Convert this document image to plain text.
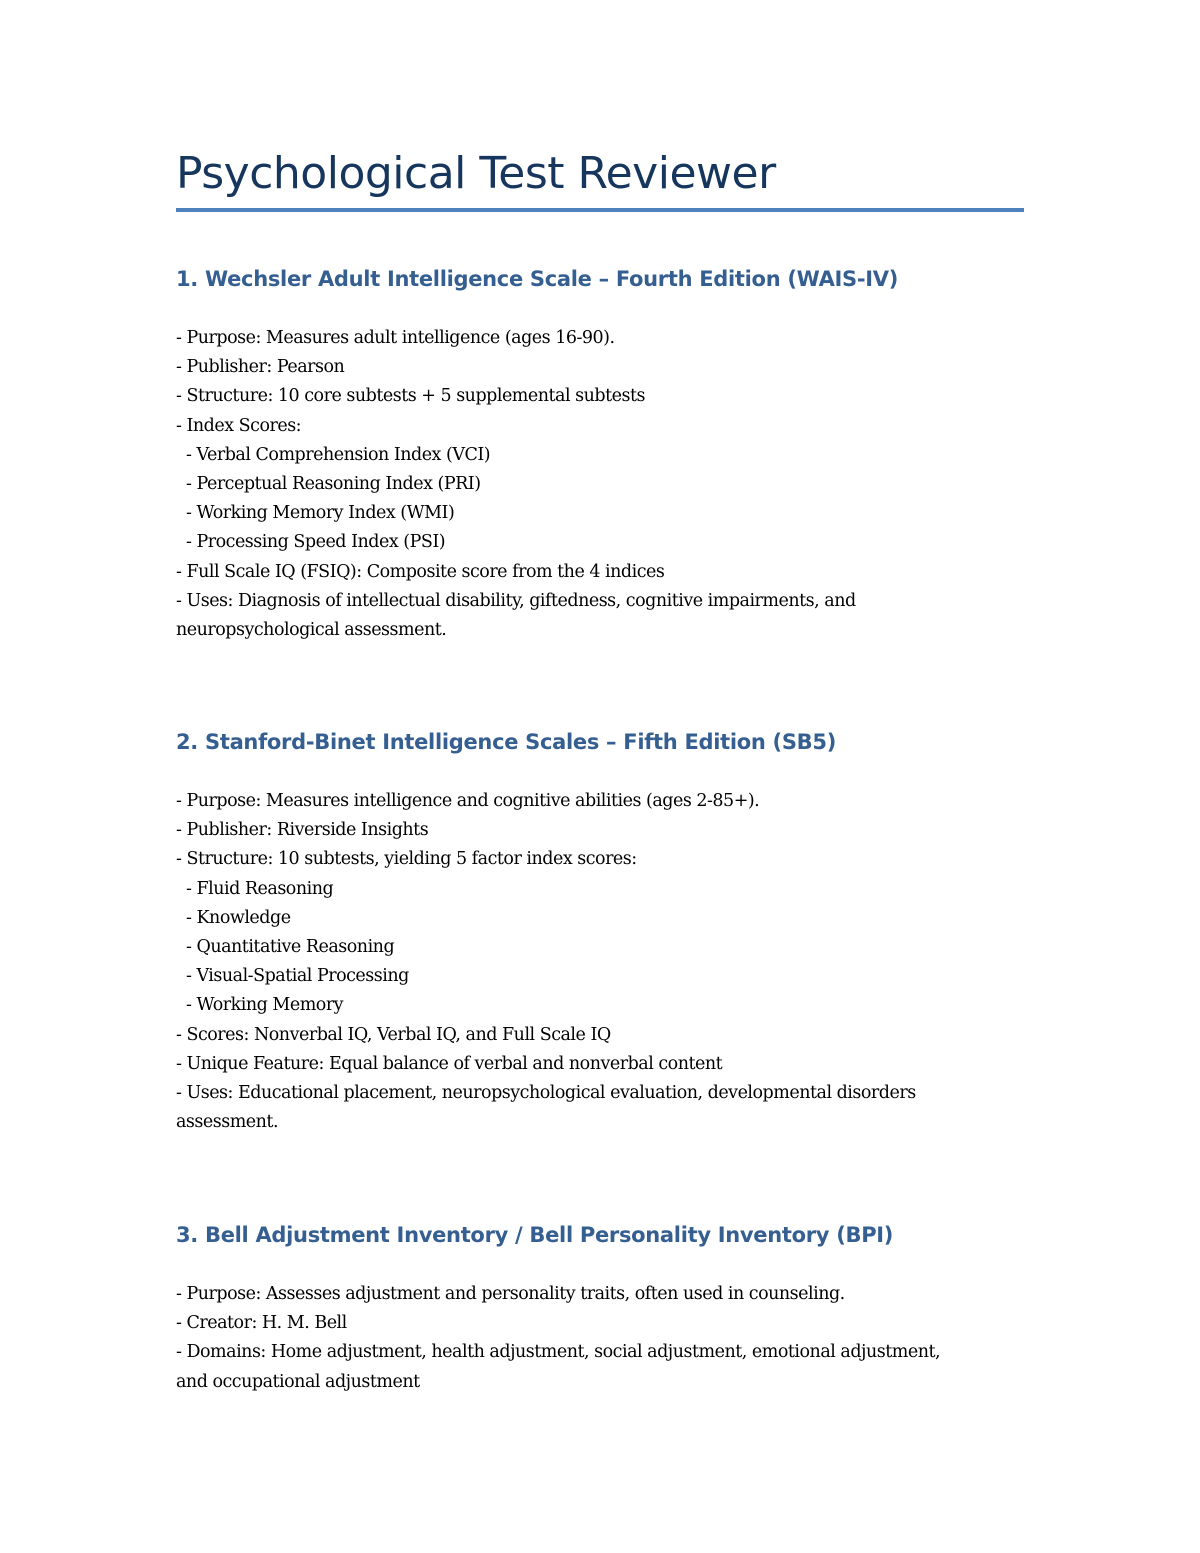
Psychological Test Reviewer
1. Wechsler Adult Intelligence Scale – Fourth Edition (WAIS-IV)
- Purpose: Measures adult intelligence (ages 16-90).
- Publisher: Pearson
- Structure: 10 core subtests + 5 supplemental subtests
- Index Scores:
- Verbal Comprehension Index (VCI)
- Perceptual Reasoning Index (PRI)
- Working Memory Index (WMI)
- Processing Speed Index (PSI)
- Full Scale IQ (FSIQ): Composite score from the 4 indices
- Uses: Diagnosis of intellectual disability, giftedness, cognitive impairments, and
neuropsychological assessment.
2. Stanford-Binet Intelligence Scales – Fifth Edition (SB5)
- Purpose: Measures intelligence and cognitive abilities (ages 2-85+).
- Publisher: Riverside Insights
- Structure: 10 subtests, yielding 5 factor index scores:
- Fluid Reasoning
- Knowledge
- Quantitative Reasoning
- Visual-Spatial Processing
- Working Memory
- Scores: Nonverbal IQ, Verbal IQ, and Full Scale IQ
- Unique Feature: Equal balance of verbal and nonverbal content
- Uses: Educational placement, neuropsychological evaluation, developmental disorders
assessment.
3. Bell Adjustment Inventory / Bell Personality Inventory (BPI)
- Purpose: Assesses adjustment and personality traits, often used in counseling.
- Creator: H. M. Bell
- Domains: Home adjustment, health adjustment, social adjustment, emotional adjustment,
and occupational adjustment
